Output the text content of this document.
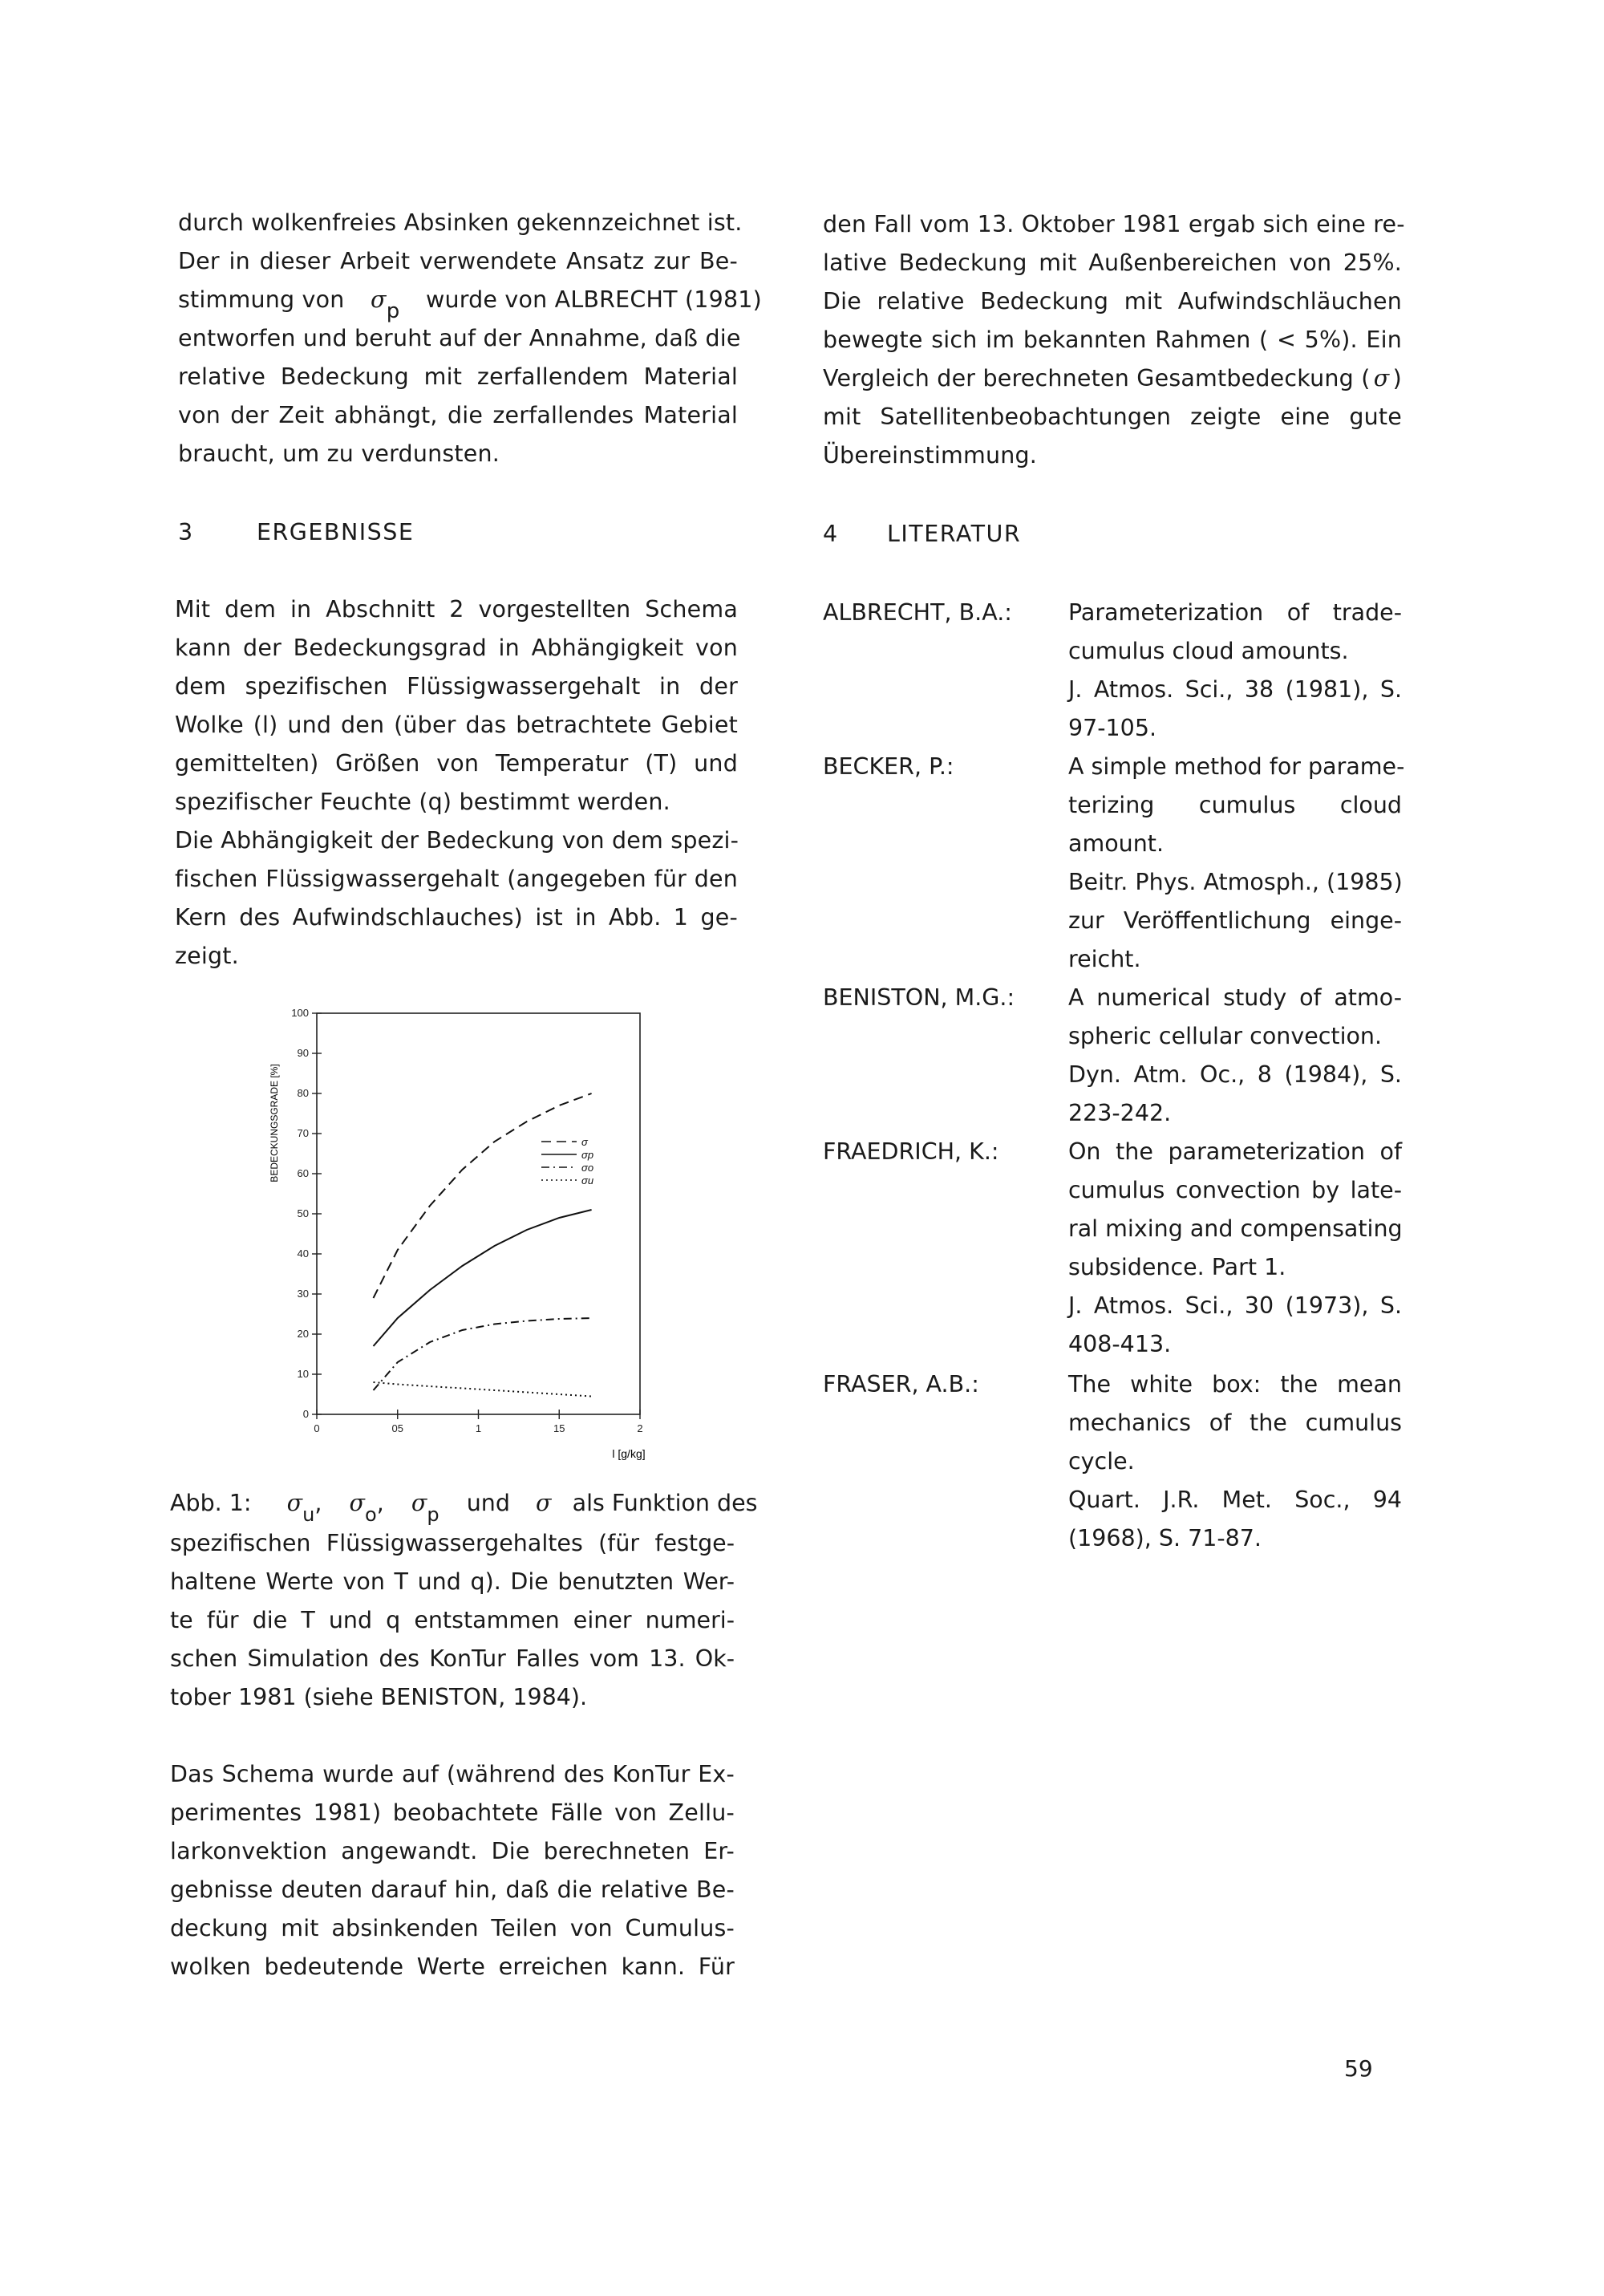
durch wolkenfreies Absinken gekennzeichnet ist.
Der in dieser Arbeit verwendete Ansatz zur Be-
stimmung von $\sigma_p$ wurde von ALBRECHT (1981)
entworfen und beruht auf der Annahme, daß die
relative Bedeckung mit zerfallendem Material
von der Zeit abhängt, die zerfallendes Material
braucht, um zu verdunsten.
3	ERGEBNISSE
Mit dem in Abschnitt 2 vorgestellten Schema
kann der Bedeckungsgrad in Abhängigkeit von
dem spezifischen Flüssigwassergehalt in der
Wolke (l) und den (über das betrachtete Gebiet
gemittelten) Größen von Temperatur (T) und
spezifischer Feuchte (q) bestimmt werden.
Die Abhängigkeit der Bedeckung von dem spezi-
fischen Flüssigwassergehalt (angegeben für den
Kern des Aufwindschlauches) ist in Abb. 1 ge-
zeigt.
0
10
20
30
40
50
60
70
80
90
100
0	05	1	15	2
σ
σp
σo
σu
BEDECKUNGSGRADE [%]
l [g/kg]
Abb. 1: $\sigma_u$,  $\sigma_o$,  $\sigma_p$ und σ als Funktion des
spezifischen Flüssigwassergehaltes (für festge-
haltene Werte von T und q). Die benutzten Wer-
te für die T und q entstammen einer numeri-
schen Simulation des KonTur Falles vom 13. Ok-
tober 1981 (siehe BENISTON, 1984).
Das Schema wurde auf (während des KonTur Ex-
perimentes 1981) beobachtete Fälle von Zellu-
larkonvektion angewandt. Die berechneten Er-
gebnisse deuten darauf hin, daß die relative Be-
deckung mit absinkenden Teilen von Cumulus-
wolken bedeutende Werte erreichen kann. Für
den Fall vom 13. Oktober 1981 ergab sich eine re-
lative Bedeckung mit Außenbereichen von 25%.
Die relative Bedeckung mit Aufwindschläuchen
bewegte sich im bekannten Rahmen ( < 5%). Ein
Vergleich der berechneten Gesamtbedeckung ( σ )
mit Satellitenbeobachtungen zeigte eine gute
Übereinstimmung.
4 LITERATUR
ALBRECHT, B.A.: Parameterization of trade-
cumulus cloud amounts.
J. Atmos. Sci., 38 (1981), S.
97-105.
BECKER, P.:	A simple method for parame-
terizing cumulus cloud
amount.
Beitr. Phys. Atmosph., (1985)
zur Veröffentlichung einge-
reicht.
BENISTON, M.G.: A numerical study of atmo-
spheric cellular convection.
Dyn. Atm. Oc., 8 (1984), S.
223-242.
FRAEDRICH, K.:	On the parameterization of
cumulus convection by late-
ral mixing and compensating
subsidence. Part 1.
J. Atmos. Sci., 30 (1973), S.
408-413.
FRASER, A.B.:	The white box: the mean
mechanics of the cumulus
cycle.
Quart. J.R. Met. Soc., 94
(1968), S. 71-87.
59
